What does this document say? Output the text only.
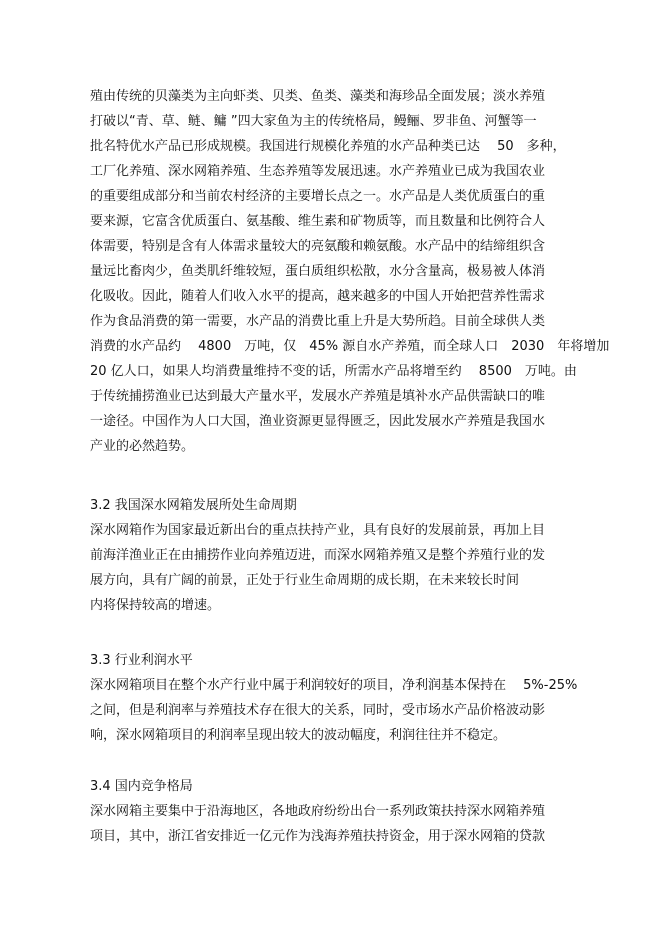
殖由传统的贝藻类为主向虾类、贝类、鱼类、藻类和海珍品全面发展；淡水养殖
打破以“青、草、鲢、鳙 ”四大家鱼为主的传统格局，鳗鲡、罗非鱼、河蟹等一
批名特优水产品已形成规模。我国进行规模化养殖的水产品种类已达　 50　多种，
工厂化养殖、深水网箱养殖、生态养殖等发展迅速。水产养殖业已成为我国农业
的重要组成部分和当前农村经济的主要增长点之一。水产品是人类优质蛋白的重
要来源，它富含优质蛋白、氨基酸、维生素和矿物质等，而且数量和比例符合人
体需要，特别是含有人体需求量较大的亮氨酸和赖氨酸。水产品中的结缔组织含
量远比畜肉少，鱼类肌纤维较短，蛋白质组织松散，水分含量高，极易被人体消
化吸收。因此，随着人们收入水平的提高，越来越多的中国人开始把营养性需求
作为食品消费的第一需要，水产品的消费比重上升是大势所趋。目前全球供人类
消费的水产品约　 4800　万吨，仅　45% 源自水产养殖，而全球人口　2030　年将增加
20 亿人口，如果人均消费量维持不变的话，所需水产品将增至约　 8500　万吨。由
于传统捕捞渔业已达到最大产量水平，发展水产养殖是填补水产品供需缺口的唯
一途径。中国作为人口大国，渔业资源更显得匮乏，因此发展水产养殖是我国水
产业的必然趋势。
3.2 我国深水网箱发展所处生命周期
深水网箱作为国家最近新出台的重点扶持产业，具有良好的发展前景，再加上目
前海洋渔业正在由捕捞作业向养殖迈进，而深水网箱养殖又是整个养殖行业的发
展方向，具有广阔的前景，正处于行业生命周期的成长期，在未来较长时间
内将保持较高的增速。
3.3 行业利润水平
深水网箱项目在整个水产行业中属于利润较好的项目，净利润基本保持在　 5%-25%
之间，但是利润率与养殖技术存在很大的关系，同时，受市场水产品价格波动影
响，深水网箱项目的利润率呈现出较大的波动幅度，利润往往并不稳定。
3.4 国内竞争格局
深水网箱主要集中于沿海地区，各地政府纷纷出台一系列政策扶持深水网箱养殖
项目，其中，浙江省安排近一亿元作为浅海养殖扶持资金，用于深水网箱的贷款
